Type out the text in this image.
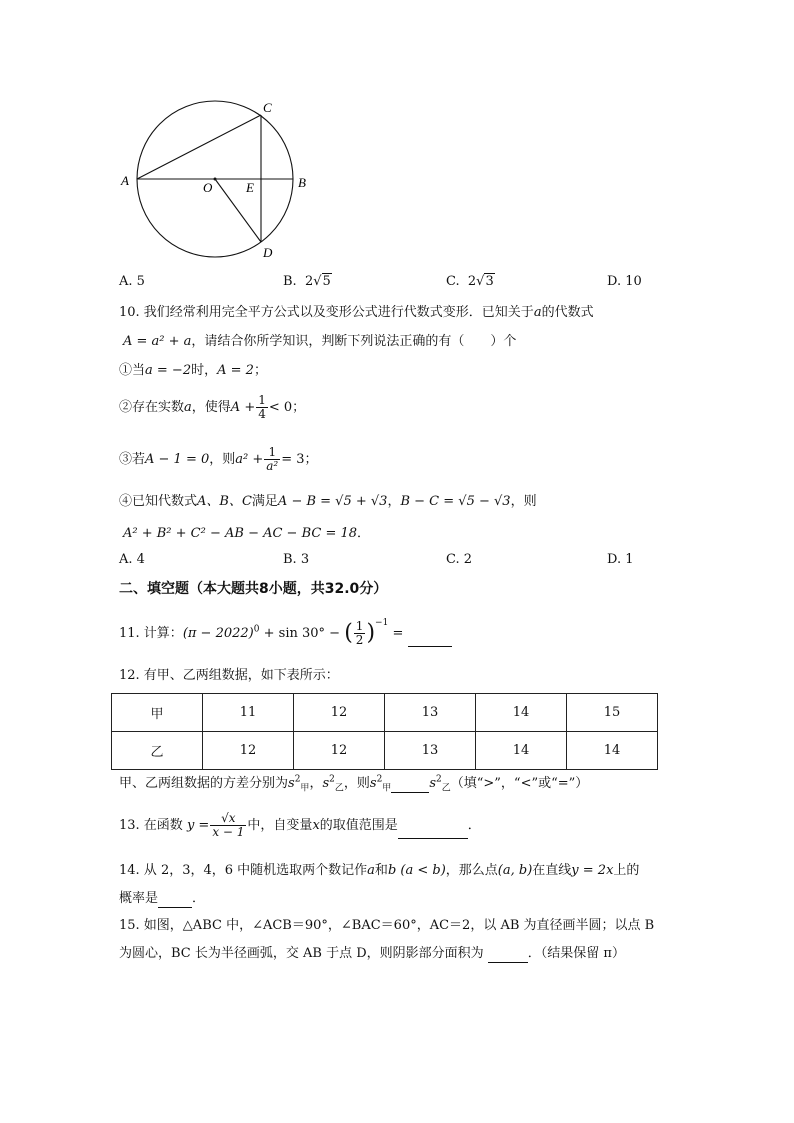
A	B
C
D
O	E
A. 5	B. 2√5	C. 2√3	D. 10
10. 我们经常利用完全平方公式以及变形公式进行代数式变形．已知关于a的代数式
A = a² + a，请结合你所学知识，判断下列说法正确的有（　　）个
①当a = −2时，A = 2；
②存在实数a，使得$A + \frac{1}{4} < 0$；
③若A − 1 = 0，则$a^2 + \frac{1}{\text{a²}} = 3$；
④已知代数式A、B、C满足A − B = √5 + √3，B − C = √5 − √3，则
A² + B² + C² − AB − AC − BC = 18．
A. 4	B. 3	C. 2	D. 1
二、填空题（本大题共8小题，共32.0分）
11. 计算：$(\pi - 2022)^0 + \sin 30^\circ$ − ( $\frac{1}{2} )^{-1}$ =
12. 有甲、乙两组数据，如下表所示：
甲	11	12	13	14	15
乙	12	12	13	14	14
甲、乙两组数据的方差分别为$s^2_甲$，$s^2_乙$，则$s^2_甲$	$s^2_乙$（填“>”，“<”或“=”）
13. 在函数 $y = \frac{√x}{x - 1}$ 中，自变量x的取值范围是	．
14. 从 2，3，4，6 中随机选取两个数记作a和b (a < b)，那么点(a, b)在直线y = 2x上的
概率是	．
15. 如图，△ABC 中，∠ACB＝90°，∠BAC＝60°，AC＝2，以 AB 为直径画半圆；以点 B
为圆心，BC 长为半径画弧，交 AB 于点 D，则阴影部分面积为	．（结果保留 π）
